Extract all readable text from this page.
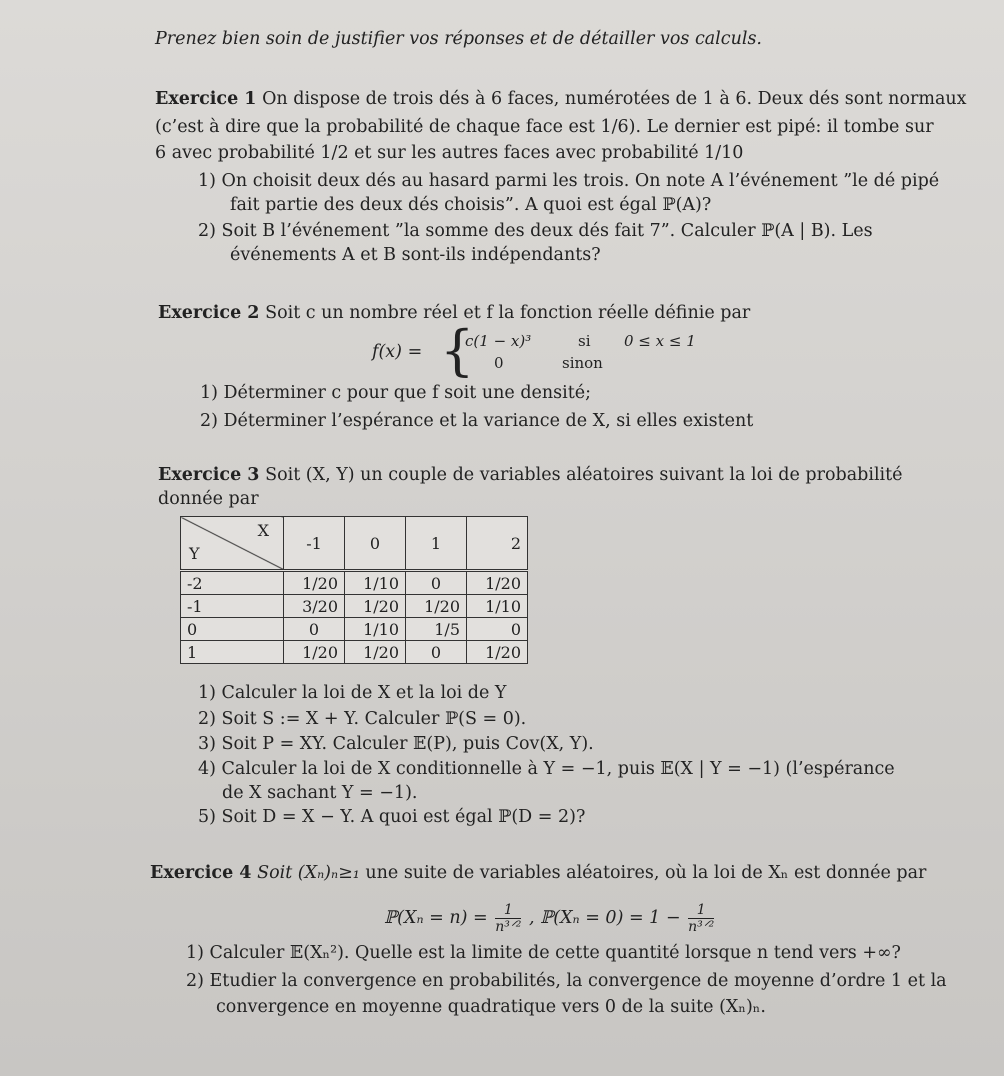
Prenez bien soin de justifier vos réponses et de détailler vos calculs.
Exercice 1 On dispose de trois dés à 6 faces, numérotées de 1 à 6. Deux dés sont normaux
(c’est à dire que la probabilité de chaque face est 1/6). Le dernier est pipé: il tombe sur
6 avec probabilité 1/2 et sur les autres faces avec probabilité 1/10
1) On choisit deux dés au hasard parmi les trois. On note A l’événement ”le dé pipé
fait partie des deux dés choisis”. A quoi est égal ℙ(A)?
2) Soit B l’événement ”la somme des deux dés fait 7”. Calculer ℙ(A | B). Les
événements A et B sont-ils indépendants?
Exercice 2 Soit c un nombre réel et f la fonction réelle définie par
f(x) = {
c(1 − x)³	si 0 ≤ x ≤ 1
0	sinon
1) Déterminer c pour que f soit une densité;
2) Déterminer l’espérance et la variance de X, si elles existent
Exercice 3 Soit (X, Y) un couple de variables aléatoires suivant la loi de probabilité
donnée par
X
Y	-1	0	1	2
-2	1/20	1/10	0	1/20
-1	3/20	1/20	1/20	1/10
0	0	1/10	1/5	0
1	1/20	1/20	0	1/20
1) Calculer la loi de X et la loi de Y
2) Soit S := X + Y. Calculer ℙ(S = 0).
3) Soit P = XY. Calculer 𝔼(P), puis Cov(X, Y).
4) Calculer la loi de X conditionnelle à Y = −1, puis 𝔼(X | Y = −1) (l’espérance
de X sachant Y = −1).
5) Soit D = X − Y. A quoi est égal ℙ(D = 2)?
Exercice 4 Soit (Xₙ)ₙ≥₁ une suite de variables aléatoires, où la loi de Xₙ est donnée par
ℙ(Xₙ = $n) = \frac{1}{\text{n³ᐟ²}}$ , ℙ(Xₙ = $0) = 1 - \frac{1}{\text{n³ᐟ²}}$
1) Calculer 𝔼(Xₙ²). Quelle est la limite de cette quantité lorsque n tend vers +∞?
2) Etudier la convergence en probabilités, la convergence de moyenne d’ordre 1 et la
convergence en moyenne quadratique vers 0 de la suite (Xₙ)ₙ.
